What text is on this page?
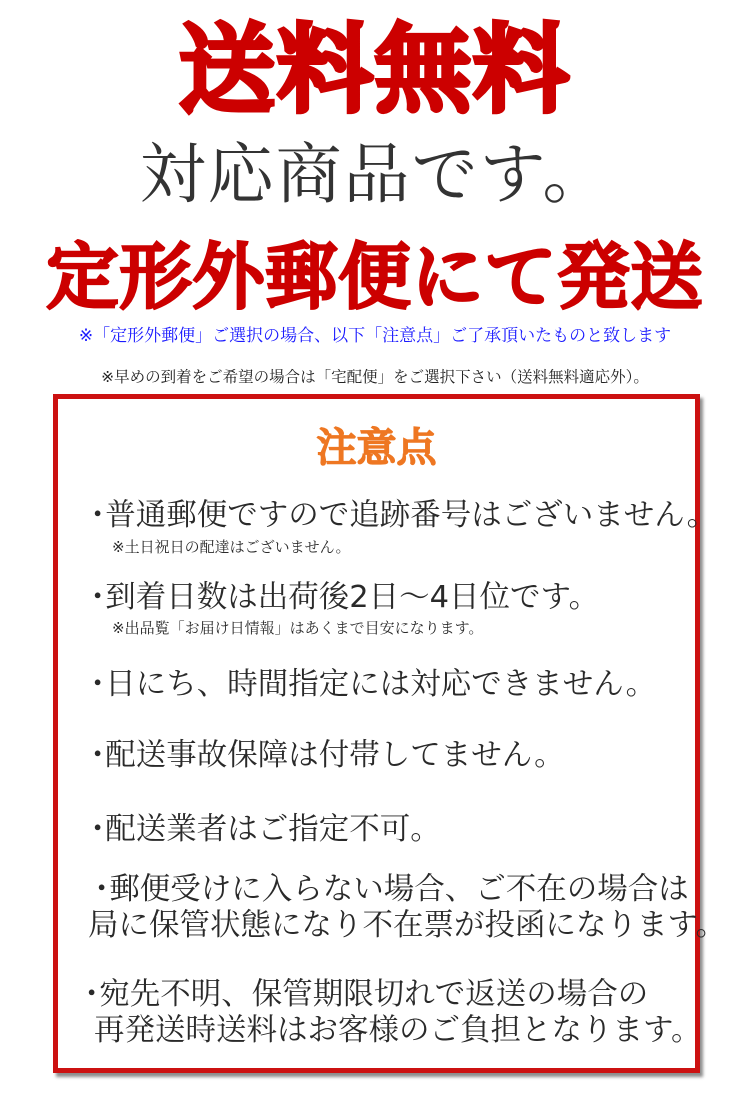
送料無料
対応商品です。
定形外郵便にて発送
※「定形外郵便」ご選択の場合、以下「注意点」ご了承頂いたものと致します
※早めの到着をご希望の場合は「宅配便」をご選択下さい（送料無料適応外）。
注意点
･普通郵便ですので追跡番号はございません。
※土日祝日の配達はございません。
･到着日数は出荷後2日〜4日位です。
※出品覧「お届け日情報」はあくまで目安になります。
･日にち、時間指定には対応できません。
･配送事故保障は付帯してません。
･配送業者はご指定不可。
･郵便受けに入らない場合、ご不在の場合は
局に保管状態になり不在票が投函になります。
･宛先不明、保管期限切れで返送の場合の
再発送時送料はお客様のご負担となります。
